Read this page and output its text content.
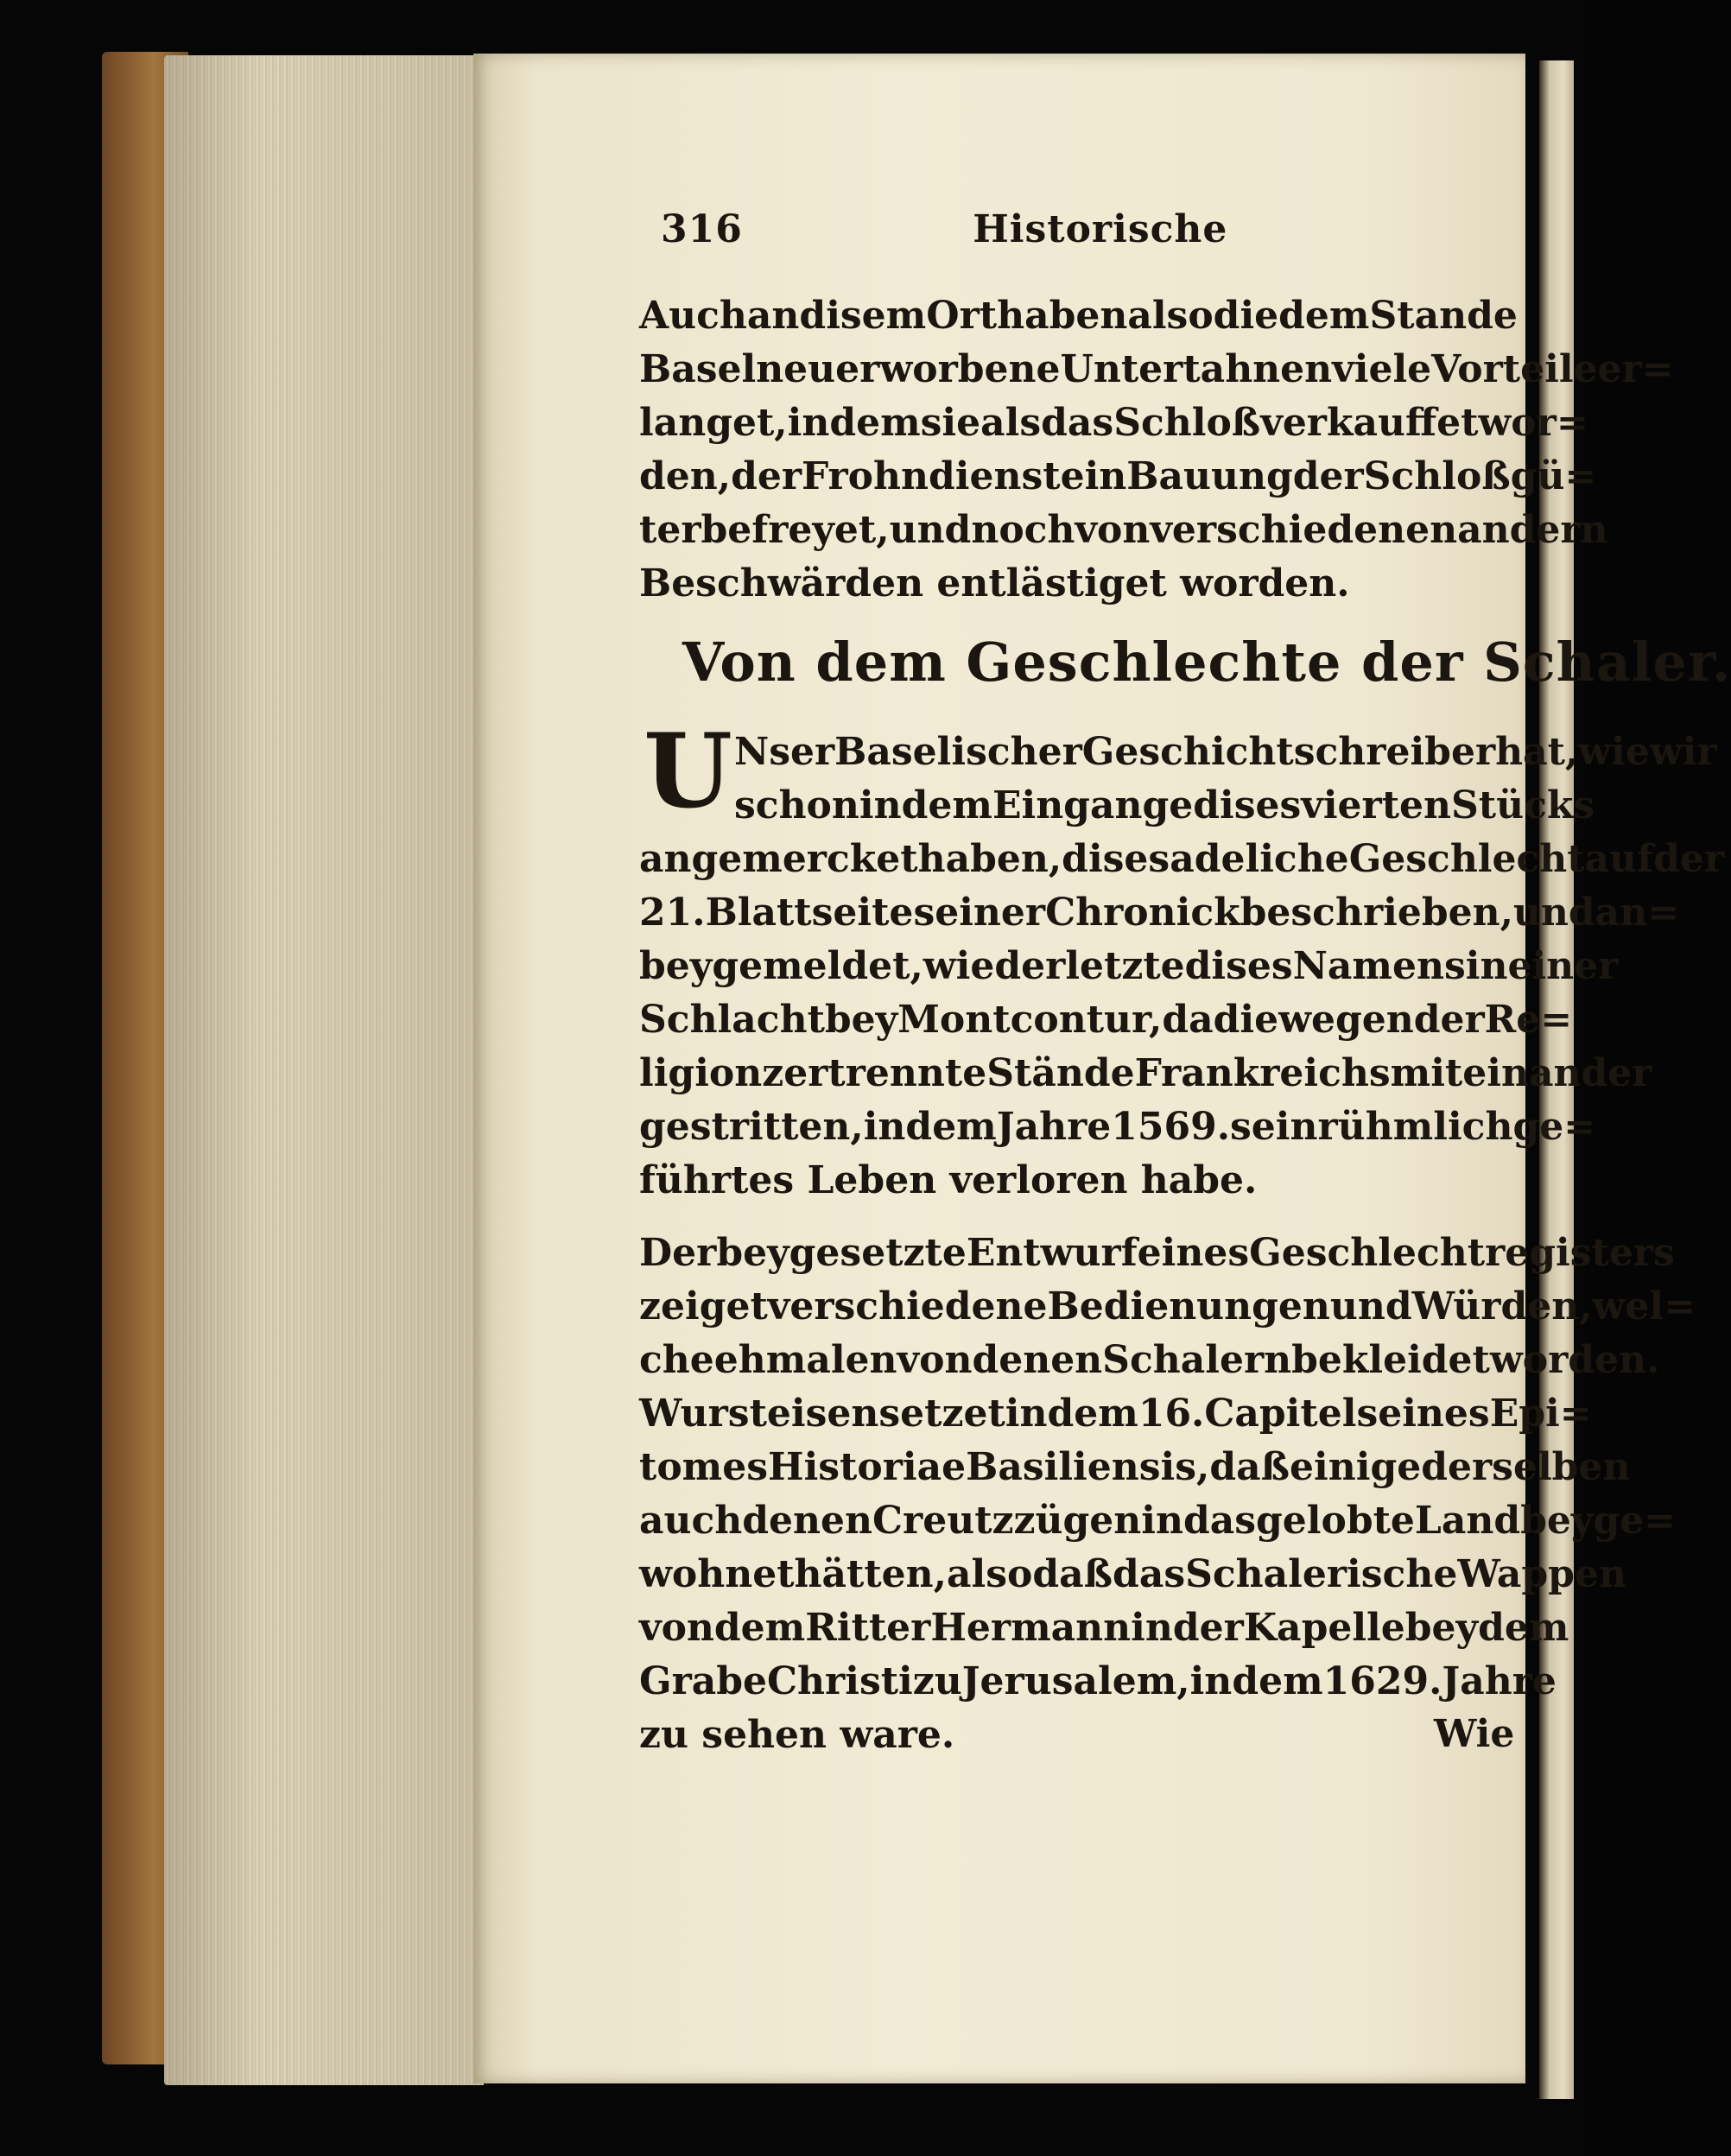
316	Historische
Auch an disem Ort haben also die dem Stande
Basel neuerworbene Untertahnen viele Vorteile er=
langet, indem sie als das Schloß verkauffet wor=
den, der Frohndienste in Bauung der Schloßgü=
ter befreyet, und noch von verschiedenen andern
Beschwärden entlästiget worden.
Von dem Geschlechte der Schaler.
U Nser Baselischer Geschichtschreiber hat, wie wir
schon in dem Eingange dises vierten Stücks
angemercket haben, dises adeliche Geschlecht auf der
21. Blattseite seiner Chronick beschrieben, und an=
bey gemeldet, wie der letzte dises Namens in einer
Schlacht bey Montcontur, da die wegen der Re=
ligion zertrennte Stände Frankreichs mit einander
gestritten, in dem Jahre 1569. sein rühmlich ge=
führtes Leben verloren habe.
Der beygesetzte Entwurf eines Geschlechtregisters
zeiget verschiedene Bedienungen und Würden, wel=
che ehmalen von denen Schalern bekleidet worden.
Wursteisen setzet in dem 16. Capitel seines Epi=
tomes Historiae Basiliensis, daß einige derselben
auch denen Creutzzügen in das gelobte Land beyge=
wohnet hätten, also daß das Schalerische Wappen
von dem Ritter Hermann in der Kapelle bey dem
Grabe Christi zu Jerusalem, in dem 1629. Jahre
zu sehen ware.	Wie
